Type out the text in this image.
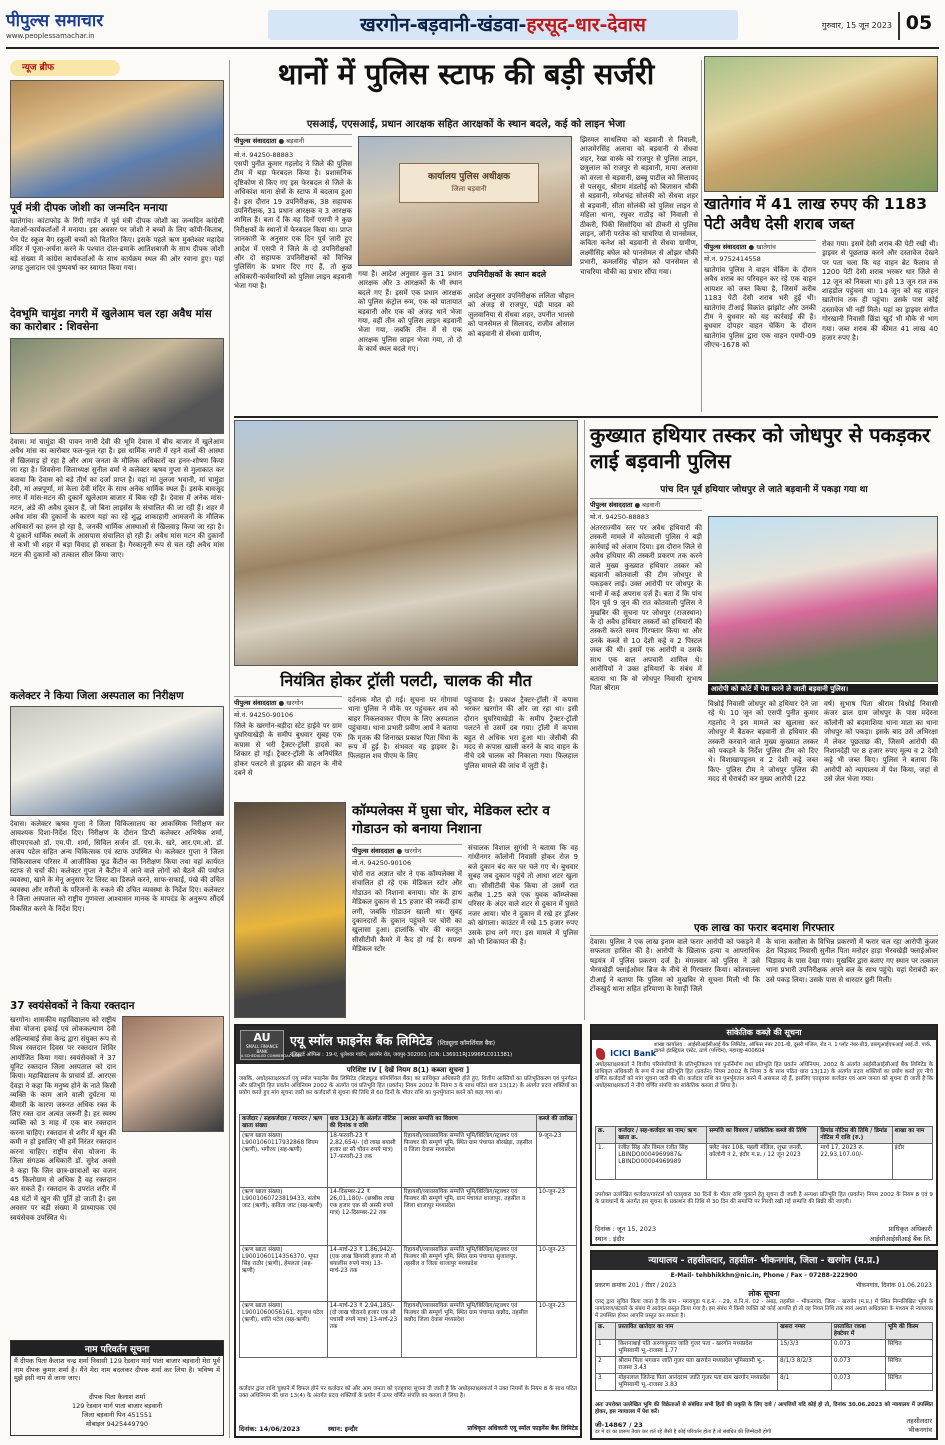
पीपुल्स समाचार
www.peoplessamachar.in	खरगोन-बड़वानी-खंडवा-हरसूद-धार-देवास	गुरुवार, 15 जून 2023 05
न्यूज ब्रीफ
पूर्व मंत्री दीपक जोशी का जन्मदिन मनाया
खातेगांव। कांटाफोड़ के रिंगी गार्डन में पूर्व मंत्री दीपक जोशी का जन्मदिन कांग्रेसी नेताओं-कार्यकर्ताओं ने मनाया। इस अवसर पर जोशी ने बच्चों के लिए कॉपी-किताब, पेन पेंट स्कूल बैग स्कूली बच्चों को वितरित किए। इसके पहले ऋण मुक्तेश्वर महादेव मंदिर में पूजा-अर्चना करने के पश्चात दोल-ढमाके आतिशबाजी के साथ दीपक जोशी बड़े संख्या में कांग्रेस कार्यकर्ताओं के साथ कार्यक्रम स्थल की ओर रवाना हुए। यहां जगह तुलादान एवं पुष्पवर्षा कर स्वागत किया गया।
देवभूमि चामुंडा नगरी में खुलेआम चल रहा अवैध मांस का कारोबार : शिवसेना
देवास। मां चामुंडा की पावन नगरी देवी की भूमि देवास में बीच बाजार में खुलेआम अवैध मांस का कारोबार फल-फूल रहा है। इस धार्मिक नगरी में रहने वालों की आस्था से खिलवाड़ हो रहा है और आम जनता के मौलिक अधिकारों का हनन-शोषण किया जा रहा है। शिवसेना जिलाध्यक्ष सुनील वर्मा ने कलेक्टर ऋषव गुप्ता से मुलाकात कर बताया कि देवास को बड़े तीर्थ का दर्जा प्राप्त है। यहां मां तुलजा भवानी, मां चामुंडा देवी, मां अन्नपूर्णा, मां केला देवी मंदिर के साथ अनेक धार्मिक स्थल हैं। इसके बावजूद नगर में मांस-मटन की दुकानें खुलेआम बाजार में बिक रही हैं। देवास में अनेक मांस-मटन, अंडे की अवैध दुकान हैं, जो बिना लाइसेंस के संचालित की जा रही हैं। शहर में अवैध मांस की दुकानों के कारण यहां का रहे शुद्ध शाकाहारी आमजनों के मौलिक अधिकारों का हनन हो रहा है, जनकी धार्मिक आस्थाओं से खिलवाड़ किया जा रहा है। ये दुकानें धार्मिक स्थलों के आसपास संचालित हो रही हैं। अवैध मांस मटन की दुकानों से कभी भी शहर में बड़ा विवाद हो सकता है। गैरकानूनी रूप से चल रही अवैध मांस मटन की दुकानों को तत्काल सील किया जाए।
कलेक्टर ने किया जिला अस्पताल का निरीक्षण
देवास। कलेक्टर ऋषव गुप्ता ने जिला चिकित्सालय का आकस्मिक निरीक्षण कर आवश्यक दिशा-निर्देश दिए। निरीक्षण के दौरान डिप्टी कलेक्टर अभिषेक शर्मा, सीएमएचओ डॉ. एम.पी. शर्मा, सिविल सर्जन डॉ. एस.के. खरे, आर.एम.ओ. डॉ. अजय पटेल सहित अन्य चिकित्सक एवं स्टाफ उपस्थित थे। कलेक्टर गुप्ता ने जिला चिकित्सालय परिसर में आजीविका फूड कैंटीन का निरीक्षण किया तथा वहां कार्यरत स्टाफ से चर्चा की। कलेक्टर गुप्ता ने कैंटीन में आने वाले लोगों को बैठने की पर्याप्त व्यवस्था, खाने के मेनू अनुसार रेट लिस्ट का डिस्प्ले करने, साफ-सफाई, पंखे की उचित व्यवस्था और मरीजों के परिजनों के रुकने की उचित व्यवस्था के निर्देश दिए। कलेक्टर ने जिला अस्पताल को राष्ट्रीय गुणवत्ता आश्वासन मानक के मापदंड के अनुरूप सौंदर्य विकसित करने के निर्देश दिए।
37 स्वयंसेवकों ने किया रक्तदान
खरगोन। शासकीय महाविद्यालय को राष्ट्रीय सेवा योजना इकाई एवं लोककल्याण देवी अहिल्याबाई सेवा केन्द्र द्वारा संयुक्त रूप से विश्व रक्तदान दिवस पर रक्तदान शिविर आयोजित किया गया। स्वयंसेवकों ने 37 यूनिट रक्तदान जिला अस्पताल को दान किया। महाविद्यालय के प्राचार्य डॉ. आरएस देवड़ा ने कहा कि मनुष्य होने के नाते किसी व्यक्ति के काम आने वाली दुर्घटना या बीमारी के कारण जरूरत अधिक रक्त के लिए रक्त दान अत्यंत जरूरी है। हर स्वस्थ व्यक्ति को 3 माह में एक बार रक्तदान करना चाहिए। रक्तदान से शरीर में खून की कमी न हो इसलिए भी हमें निरंतर रक्तदान करना चाहिए। राष्ट्रीय सेवा योजना के जिला संगठक अधिकारी डॉ. सुरेश अवसे ने कहा कि जिन छात्र-छात्राओं का वजन 45 किलोग्राम से अधिक है वह रक्तदान कर सकते हैं। रक्तदान के उपरांत शरीर में 48 घंटों में खून की पूर्ति हो जाती है। इस अवसर पर बड़ी संख्या में प्राध्यापक एवं स्वयंसेवक उपस्थित थे।
नाम परिवर्तन सूचना
मैं दीपक पिता कैलाश चन्द्र शर्मा निवासी 129 रेडवान मार्ग पाता बाजार बड़वानी मेरा पूर्व नाम दीपक कुमार शर्मा है। मैंने मेरा नाम बदलकर दीपक शर्मा कर लिया है। भविष्य में मुझे इसी नाम से जाना जाए।
दीपक पिता कैलाश शर्मा
129 रेडवान मार्ग पाता बाजार बड़वानी
जिला बड़वानी पिन 451551
मोबाइल 9425449790
थानों में पुलिस स्टाफ की बड़ी सर्जरी
एसआई, एएसआई, प्रधान आरक्षक सहित आरक्षकों के स्थान बदले, कई को लाइन भेजा
पीपुल्स संवाददाता ● बड़वानी
मो.नं. 94250-88883
एसपी पुनीत कुमार गहलोद ने जिले की पुलिस टीम में बड़ा फेरबदल किया है। प्रशासनिक दृष्टिकोण से किए गए इस फेरबदल से जिले के अधिकांश थाना क्षेत्रों के स्टाफ में बदलाव हुआ है। इस दौरान 19 उपनिरीक्षक, 38 सहायक उपनिरीक्षक, 31 प्रधान आरक्षक व 3 आरक्षक शामिल हैं। बता दें कि यह दिनों एसपी ने कुछ निरीक्षकों के स्थानों में फेरबदल किया था। प्राप्त जानकारी के अनुसार एक दिन पूर्व जारी हुए आदेश में एसपी ने जिले के दो उपनिरीक्षकों और दो सहायक उपनिरीक्षकों को विभिन्न पुलिसिंग के प्रभार दिए गए हैं, तो कुछ अधिकारी-कर्मचारियों को पुलिस लाइन बड़वानी भेजा गया है।
कार्यालय पुलिस अधीक्षक
जिला बड़वानी
गया है। आदेश अनुसार कुल 31 प्रधान आरक्षक और 3 आरक्षकों के भी स्थान बदले गए हैं। इसमें एक प्रधान आरक्षक को पुलिस कंट्रोल रूम, एक को यातायात बड़वानी और एक को अंजड़ थाने भेजा गया, वहीं तीन को पुलिस लाइन बड़वानी भेजा गया, जबकि तीन में से एक आरक्षक पुलिस लाइन भेजा गया, तो दो के कार्य स्थल बदले गए।
उपनिरीक्षकों के स्थान बदले
आदेश अनुसार उपनिरीक्षक ललिता चौहान को अंजड़ से राजपुर, पंद्री यादव को जुलवानिया से सेंधवा शहर, उपनीत भालसे को पानसेमल से सिलावद, राजीव ओसाल को बड़वानी से सेंधवा ग्रामीण,
झिरमल साथलिया को बड़वानी से निवाली, आजमेरसिंह अलावा को बड़वानी से सेंधवा शहर, रेखा वास्के को राजपुर से पुलिस लाइन, छत्रुलाल को राजपुर से बड़वानी, माया अलावा को वरला से बड़वानी, छब्बू पाटील को सिलावद से पलसूद, श्रीराम मंडलोई को बिजासन चौकी से बड़वानी, रमेशचंद्र सोलंकी को सेंधवा शहर से बड़वानी, सीता सोलंकी को पुलिस लाइन से महिला थाना, रघुवर राठौड़ को निवाली से ठीकरी, पिंकी सिसोदिया को ठीकरी से पुलिस लाइन, जॉनी परतेक को चाचरिया से पानसेमल, कविता कनेश को बड़वानी से सेंधवा ग्रामीण, लक्ष्मीसिंह बघेल को पानसेमल से ओझर चौकी प्रभारी, कमलसिंह चौहान को पानसेमल से चाचरिया चौकी का प्रभार सौंपा गया।
खातेगांव में 41 लाख रुपए की 1183 पेटी अवैध देसी शराब जब्त
पीपुल्स संवाददाता ● खातेगांव
मो.नं. 9752414558
खातेगांव पुलिस ने वाहन चेकिंग के दौरान अवैध शराब का परिवहन कर रहे एक वाहन आयशर को जब्त किया है, जिसमें करीब 1183 पेटी देसी शराब भरी हुई थी। खातेगांव टीआई विक्रांत झांझोट और उनकी टीम ने बुधवार को यह कार्रवाई की है। बुधवार दोपहर वाहन चेकिंग के दौरान खातेगांव पुलिस द्वारा एक वाहन एमपी-09 जीएच-1678 को
रोका गया। इसमें देसी शराब की पेटी रखी थी। ड्राइवर से पूछताछ करने और दस्तावेज देखने पर पता चला कि यह वाहन ब्रेट फैलाव से 1200 पेटी देसी शराब भरकर धार जिले से 12 जून को निकला था। इसे 13 जून रात तक शाहडोल पहुंचना था। 14 जून को यह वाहन खातेगांव तक ही पहुंचा। उसके पास कोई दस्तावेज भी नहीं मिले। यहां का ड्राइवर संगीत गोरखानी निवासी छिंडा खुर्द भी मौके से भाग गया। जब्त शराब की कीमत 41 लाख 40 हजार रुपए है।
नियंत्रित होकर ट्रॉली पलटी, चालक की मौत
पीपुल्स संवाददाता ● खरगोन
मो.नं. 94250-90106
जिले के खरगोन-बड़ीदा स्टेट हाईवे पर ग्राम घुघरियाखेड़ी के समीप बुधवार सुबह एक कपास से भरी ट्रैक्टर-ट्रॉली हादसे का शिकार हो गई। ट्रैक्टर-ट्रॉली के अनियंत्रित होकर पलटने से ड्राइवर की वाहन के नीचे दबने से
दर्दनाक मौत हो गई। सूचना पर गोगावां थाना पुलिस ने मौके पर पहुंचकर शव को बाहर निकलवाकर पीएम के लिए अस्पताल पहुंचाया। थाना प्रभारी प्रवीण आर्य ने बताया कि मृतक की शिनाख्त प्रकाश पिता चिंधा के रूप में हुई है। संभवतः वह ड्राइवर है। फिलहाल शव पीएम के लिए
पहुंचाया है। प्रकाश ट्रैक्टर-ट्रॉली में कपास भरकर खरगोन की ओर जा रहा था। इसी दौरान घुघरियाखेड़ी के समीप ट्रैक्टर-ट्रॉली पलटने से उसमें दब गया। ट्रॉली में कपास बहुत से अधिक भरा हुआ था। जेसीबी की मदद से कपास खाली करने के बाद वाहन के नीचे दबे चालक को निकाला गया। फिलहाल पुलिस मामले की जांच में जुटी है।
कॉम्पलेक्स में घुसा चोर, मेडिकल स्टोर व गोडाउन को बनाया निशाना
पीपुल्स संवाददाता ● खरगोन
मो.नं. 94250-90106
चोरों रात अज्ञात चोर ने एक कॉम्पलेक्स में संचालित हो रहे एक मेडिकल स्टोर और गोडाउन को निशाना बनाया। चोर के हाथ मेडिकल दुकान से 15 हजार की नकदी हाथ लगी, जबकि गोडाउन खाली था। सुबह दुकानदारों के दुकान पहुंचने पर चोरी का खुलासा हुआ। हालांकि चोर की करतूत सीसीटीवी कैमरे में कैद हो गई है। सपना मेडिकल स्टोर
संचालक विशाल सुगंधी ने बताया कि वह गांधीनगर कॉलोनी निवासी होकर रोज 9 बजे दुकान बंद कर घर चले गए थे। बुधवार सुबह जब दुकान पहुंचे तो आधा शटर खुला था। सीसीटीवी चेक किया तो उसमें रात करीब 1.25 बजे एक युवक कॉम्प्लेक्स परिसर के अंदर वाले शटर से दुकान में घुसते नजर आया। चोर ने दुकान में रखे हर ड्रॉअर को खंगाला। काउंटर में रखे 15 हजार रुपए उसके हाथ लगे गए। इस मामले में पुलिस को भी शिकायत की है।
कुख्यात हथियार तस्कर को जोधपुर से पकड़कर लाई बड़वानी पुलिस
पांच दिन पूर्व हथियार जोधपुर ले जाते बड़वानी में पकड़ा गया था
पीपुल्स संवाददाता ● बड़वानी
मो.नं. 94250-88883
अंतरराज्यीय स्तर पर अवैध हथियारों की तस्करी मामले में कोतवाली पुलिस ने बड़ी कार्रवाई को अंजाम दिया। इस दौरान जिले से अवैध हथियार की तस्करी प्रकरण तक करने वाले मुख्य कुख्यात हथियार तस्कर को बड़वानी कोतवाली की टीम जोधपुर से पकड़कर लाई। उक्त आरोपी पर जोधपुर के थानों में कई अपराध दर्ज हैं। बता दें कि पांच दिन पूर्व 9 जून की रात कोतवाली पुलिस ने मुखबिर की सूचना पर जोधपुर (राजस्थान) के दो अवैध हथियार तस्करों को हथियारों की तस्करी करते समय गिरफ्तार किया था और उनके कब्जे से 10 देशी कट्टे व 2 पिस्टल जब्त की थी। इसमें एक आरोपी व उसके साथ एक बाल अपचारी शामिल थे। आरोपियों ने उक्त हथियारों के संबंध में बताया था कि वो जोधपुर निवासी सुभाष पिता श्रीराम	आरोपी को कोर्ट में पेश करने ले जाती बड़वानी पुलिस।
विश्नोई निवासी जोधपुर को हथियार देने जा रहे थे। 10 जून को एसपी पुनीत कुमार गहलोद ने इस मामले का खुलासा कर जोधपुर में बैठकर बड़वानी से हथियार की तस्करी करवाने वाले मुख्य कुख्यात तस्कर को पकड़ने के निर्देश पुलिस टीम को दिए थे। विशाखापट्टनम व 2 देशी कट्टे जब्त किए- पुलिस टीम ने जोधपुर पुलिस की मदद से घेराबंदी कर मुख्य आरोपी (22
वर्ष) सुभाष पिता श्रीराम विश्नोई निवासी कंजर ढाल ग्राम जोधपुर के पास मदेरना कॉलोनी को बदमाशिया थाना माता का थाना जोधपुर को पकड़ा। इसके बाद उसे अभिरक्षा में लेकर पूछताछ की, जिसमें आरोपी की निशानदेही पर 8 हजार रुपए मूल्य व 2 देशी कट्टे भी जब्त किए। पुलिस ने बताया कि आरोपी को न्यायालय में पेश किया, जहां से उसे जेल भेजा गया।
एक लाख का फरार बदमाश गिरफ्तार
देवास। पुलिस ने एक लाख इनाम वाले फरार आरोपी को पकड़ने में सफलता हासिल की है। आरोपी के खिलाफ हत्या व आपराधिक षड़यंत्र में पुलिस प्रकरण दर्ज है। मंगलवार को पुलिस ने उसे भैरवखेड़ी फ्लाईओवर ब्रिज के नीचे से गिरफ्तार किया। कोतवाल्ला टीआई ने बताया कि पुलिस को मुखबिर से सूचना मिली थी कि टोंकखुर्द थाना सहित हरियाणा के रेवाड़ी जिले
के थाना कसौला के विभिन्न प्रकरणों में फरार चल रहा आरोपी कुंजर ढेरा चिड़ावद निवासी सुनील पिता मनोहर हाड़ा भैरवखेड़ी फ्लाईओवर चिड़ावद के पास देखा गया। मुखबिर द्वारा बताए गए स्थान पर तत्काल थाना प्रभारी उपनिरीक्षक अपने बल के साथ पहुंचे। यहां घेराबंदी कर उसे पकड़ लिया। उसके पास से धारदार छुरी मिली।
AU
SMALL FINANCE BANK
A SCHEDULED COMMERCIAL BANK
एयू स्मॉल फाइनेंस बैंक लिमिटेड (शिड्यूल्ड कॉमर्शियल बैंक)
रजिस्टर्ड ऑफिस : 19-ए, धूलेश्वर गार्डन, अजमेर रोड, जयपुर-302001 (CIN: L36911RJ1996PLC011381)
परिशिष्ट IV [ देखें नियम 8(1) कब्जा सूचना ]
जबकि, अधोहस्ताक्षरकर्ता एयू स्मॉल फाइनेंस बैंक लिमिटेड (शिड्यूल्ड कॉमर्शियल बैंक) का प्राधिकृत अधिकारी होते हुए, वित्तीय आस्तियों का प्रतिभूतिकरण एवं पुनर्गठन और प्रतिभूति हित प्रवर्तन अधिनियम 2002 के अंतर्गत एवं प्रतिभूति हित (प्रवर्तन) नियम 2002 के नियम 3 के साथ पठित धारा 13(12) के अंतर्गत प्रदत्त शक्तियों का प्रयोग करते हुए मांग सूचना जारी कर कर्जदारों से सूचना की तिथि से 60 दिनों के भीतर राशि का पुनर्भुगतान करने को कहा गया था।
कर्जदार / सहकर्जदार / गारन्टर / ऋण खाता संख्या	धारा 13(2) के अंतर्गत नोटिस की दिनांक व राशि	स्थावर सम्पत्ति का विवरण	कब्जे की तारीख
(ऋण खाता संख्या) L9001060117932868 शिवम (ऋणी), भगीरथ (सह-ऋणी)	18-फरवरी-23 ₹ 2,82,654/- (दो लाख बयासी हजार छः सौ चौवन रुपये मात्र) 17-फरवरी-23 तक	रिहायशी/व्यावसायिक सम्पत्ति भूमि/बिल्डिंग/स्ट्रक्चर एवं फिक्चर की सम्पूर्ण भूमि, स्थित ग्राम पंचायत बोरखेड़ा, तहसील व जिला देवास मध्यप्रदेश	9-जून-23
(ऋण खाता संख्या) L9001060723819433, संतोष जाट (ऋणी), कविता जाट (सह-ऋणी)	14-दिसम्बर-22 ₹ 26,01,180/- (छब्बीस लाख एक हजार एक सौ अस्सी रुपये मात्र) 12-दिसम्बर-22 तक	रिहायशी/व्यावसायिक सम्पत्ति भूमि/बिल्डिंग/स्ट्रक्चर एवं फिक्चर की सम्पूर्ण भूमि, ग्राम पंचायत शाजापुर, तहसील व जिला शाजापुर मध्यप्रदेश	10-जून-23
(ऋण खाता संख्या) L9001060114356370, भूपत सिंह राठौर (ऋणी), हेमलता (सह-ऋणी)	14-मार्च-23 ₹ 1,86,942/- (एक लाख छियासी हजार नौ सौ बयालीस रुपये मात्र) 13-मार्च-23 तक	रिहायशी/व्यावसायिक सम्पत्ति भूमि/बिल्डिंग/स्ट्रक्चर एवं फिक्चर की सम्पूर्ण भूमि, स्थित ग्राम पंचायत सुजालपुर, तहसील व जिला शाजापुर मध्यप्रदेश	10-जून-23
(ऋण खाता संख्या) L9001060056161, रघुनाथ पटेल (ऋणी), शांति पटेल (सह-ऋणी)	14-मार्च-23 ₹ 2,94,185/- (दो लाख चौरानवे हजार एक सौ पचासी रुपये मात्र) 13-मार्च-23 तक	रिहायशी/व्यावसायिक सम्पत्ति भूमि/बिल्डिंग/स्ट्रक्चर एवं फिक्चर की सम्पूर्ण भूमि, स्थित ग्राम पंचायत कन्नौद, तहसील कन्नौद जिला देवास मध्यप्रदेश	10-जून-23
कर्जदार द्वारा राशि चुकाने में विफल होने पर कर्जदार को और आम जनता को एतद्द्वारा सूचना दी जाती है कि अधोहस्ताक्षरकर्ता ने उक्त नियमों के नियम 8 के साथ पठित उक्त अधिनियम की धारा 13(4) के अंतर्गत प्रदत्त शक्तियों के प्रयोग में ऊपर वर्णित संपत्ति का कब्जा ले लिया है।
दिनांक: 14/06/2023	स्थान: इन्दौर	प्राधिकृत अधिकारी एयू स्मॉल फाइनेंस बैंक लिमिटेड
सांकेतिक कब्ज़े की सूचना
ICICI Bank
शाखा कार्यालय : आईसीआईसीआई बैंक लिमिटेड, ऑफिस नंबर 201-बी, दूसरी मंजिल, रोड नं. 1 प्लॉट नंबर-बी3, डब्ल्यूआईएफआई आई.टी. पार्क, वागले इंडस्ट्रियल एस्टेट, ठाणे (पश्चिम), महाराष्ट्र-400604
अधोहस्ताक्षरकर्ता ने वित्तीय परिसंपत्तियों के प्रतिभूतिकरण एवं पुनर्निर्माण तथा प्रतिभूति हित प्रवर्तन अधिनियम, 2002 के अंतर्गत आईसीआईसीआई बैंक लिमिटेड के प्राधिकृत अधिकारी के रूप में तथा प्रतिभूति हित (प्रवर्तन) नियम 2002 के नियम 3 के साथ पठित धारा 13(12) के अंतर्गत प्रदत्त शक्तियों का प्रयोग करते हुए नीचे वर्णित कर्जदारों को मांग सूचना जारी की थी। कर्जदार राशि का पुनर्भुगतान करने में असफल रहे हैं, इसलिए एतद्द्वारा कर्जदार एवं आम जनता को सूचना दी जाती है कि अधोहस्ताक्षरकर्ता ने नीचे वर्णित संपत्ति का सांकेतिक कब्जा ले लिया है।
क्र.	कर्जदार / सह-कर्जदार का नाम/ ऋण खाता क्र.	सम्पत्ति का विवरण / सांकेतिक कब्जे की तिथि	डिमांड नोटिस की तिथि / डिमांड नोटिस में राशि (रु.)	शाखा का नाम
1.	रंजीत सिंह और विमल रंजीत सिंह LBINDO0004969987& LBINDO00004969989	फ्लैट नंबर 108, पहली मंजिल, शुभ्रा जनवी, कॉलोनी नं 2, इंदौर म.प्र. / 12 जून 2023	मार्च 17, 2023 रु. 22,93,107.00/-	इंदौर
उपरोक्त उल्लेखित कर्जदार/गारंटर्स को एतद्द्वारा 30 दिनों के भीतर राशि चुकाने हेतु सूचना दी जाती है अन्यथा प्रतिभूति हित (प्रवर्तन) नियम 2002 के नियम 8 एवं 9 के प्रावधानों के अंतर्गत इस सूचना के प्रकाशन की तिथि से 30 दिन की समाप्ति पर गिरवी रखी गई सम्पत्ति की बिक्री की जाएगी।
दिनांक : जून 15, 2023
स्थान : इंदौर
प्राधिकृत अधिकारी
आईसीआईसीआई बैंक लि.
न्यायालय - तहसीलदार, तहसील- भीकनगांव, जिला - खरगोन (म.प्र.)
E-Mail- tehbhikkhn@nic.in, Phone / Fax - 07288-222900
प्रकरण क्रमांक 201 / रीडर / 2023	भीकनगांव, दिनांक 01.06.2023
लोक सूचना
एतद् द्वारा सूचित किया जाता है कि ग्राम - मगरागुडा प.ह.नं. - 29, रा.नि.मं. 02 - अबड़, तहसील - भीकनगांव, जिला - खरगोन (म.प्र.) में स्थित निम्नलिखित भूमि के नामांतरण/बंटवारे के संबंध में आवेदन प्रस्तुत किया गया है। इस संबंध में किसी व्यक्ति को कोई आपत्ति हो तो वह नियत तिथि तक स्वयं अथवा अधिवक्ता के माध्यम से न्यायालय में उपस्थित होकर आपत्ति प्रस्तुत कर सकता है।
क्र.	प्रस्तावित खातेदार का नाम	खसरा नम्बर	प्रस्तावित रकबा हेक्टेयर में	भूमि की किस्म
1	किशनाबाई पति अरुणकुमार जाति गुजर पता - खरगोन मध्यप्रदेश भूमिस्वामी भू.-राजस्व 1.77	15/3/3	0.073	सिंचित
2	श्रीराम पिता भगवान जाति गुजर पता खरगोन मध्यप्रदेश भूमिस्वामी भू.-राजस्व 3.43	8/1/3 8/2/3	0.073	सिंचित
3	मोहनलाल जितेन्द्र पिता आनंदराम जाति गुजर पता ग्राम खरगोन मध्यप्रदेश भूमिस्वामी भू.-राजस्व 3.83	8/1	0.073	सिंचित
अतः उपरोक्त उल्लेखित भूमि की विक्रेताओं से संबंधित सभी हितों की प्रकृति के लिए दावे / आपत्तियों यदि कोई हो तो, दिनांक 30.06.2023 को न्यायालय में उपस्थित होकर, इस न्यायालय में पेश करें।
जी-14867 / 23	तहसीलदार
भीकनगांव
दर मे दर का प्रारूप तैयार कर शर्त रहे जैसी है कोई परिवर्तन होता है तो संबंधित की जिम्मेदारी होगी
